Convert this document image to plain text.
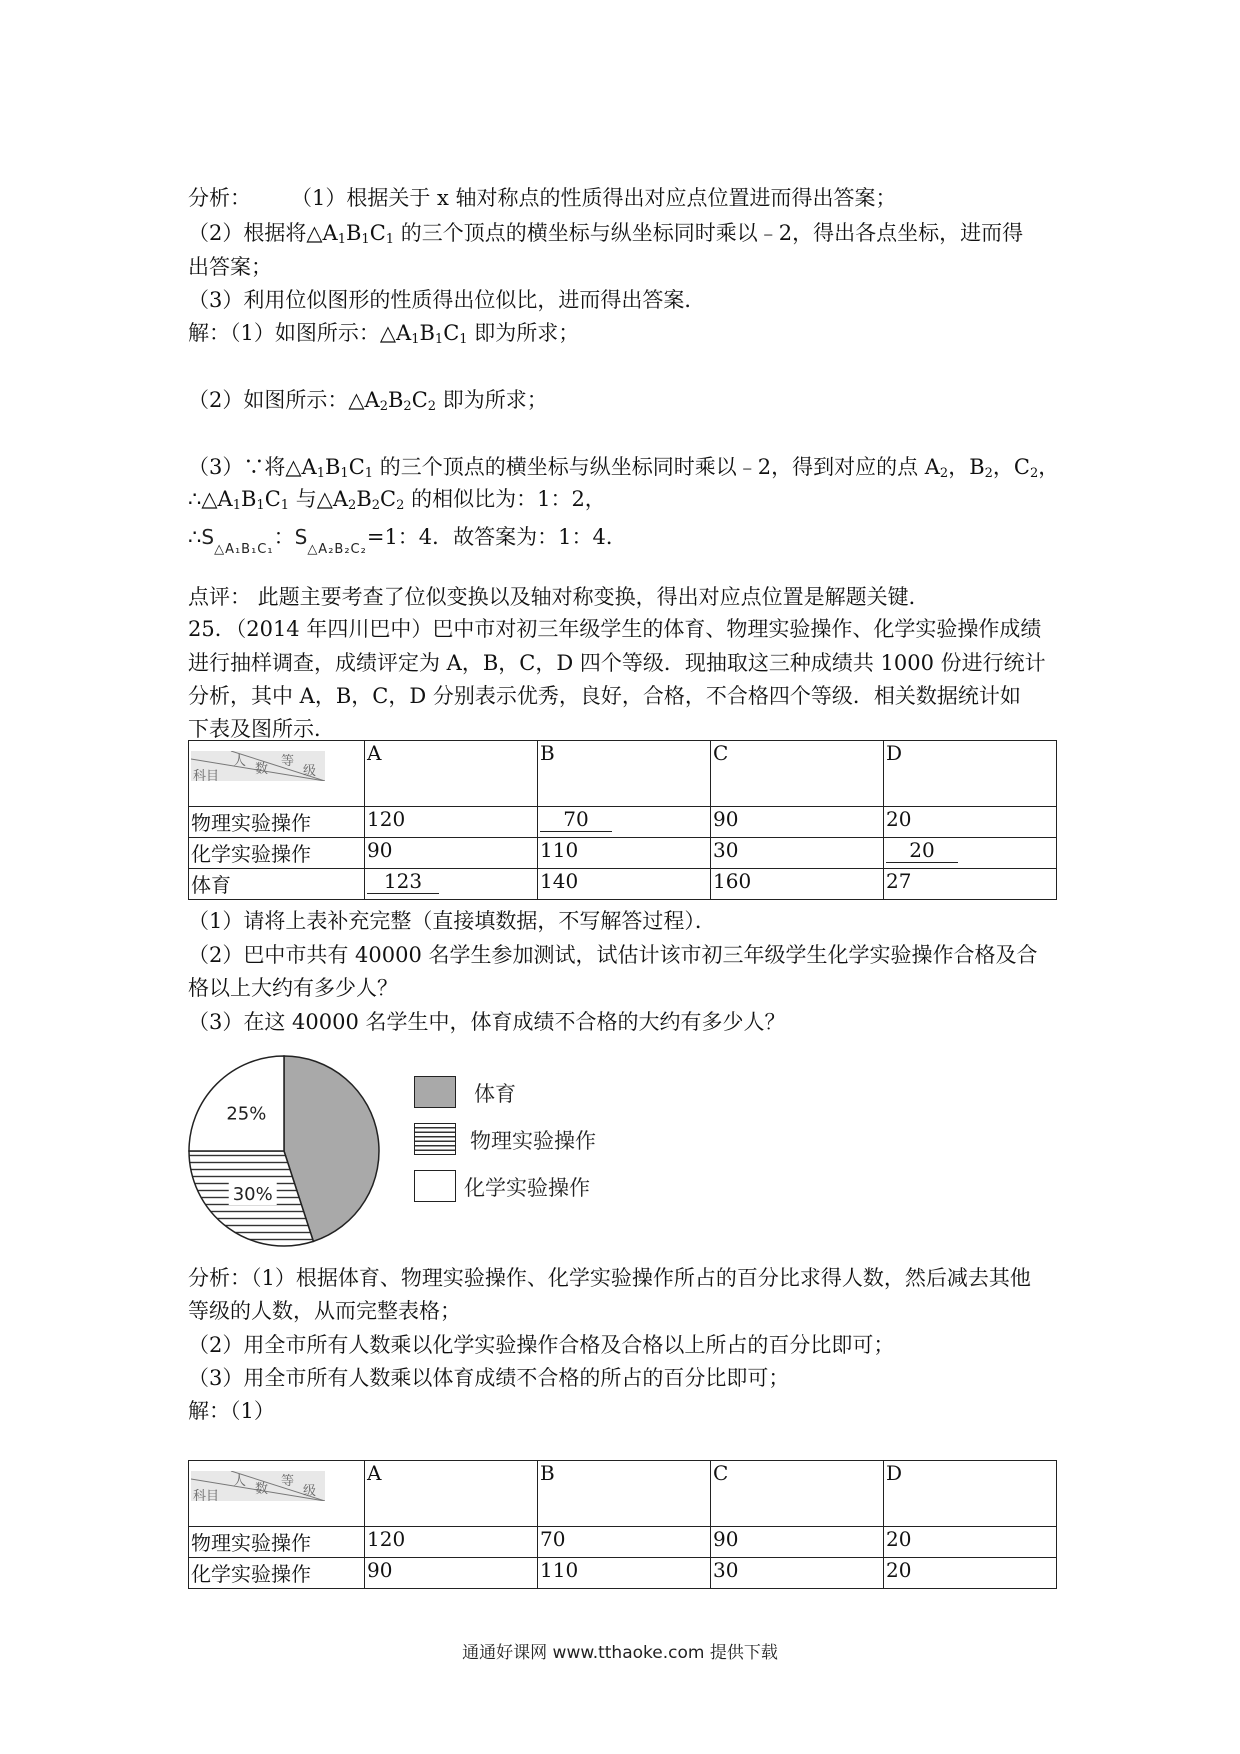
分析： （1）根据关于 x 轴对称点的性质得出对应点位置进而得出答案；
（2）根据将$\triangle A_1B_1C_1$ 的三个顶点的横坐标与纵坐标同时乘以﹣2，得出各点坐标，进而得
出答案；
（3）利用位似图形的性质得出位似比，进而得出答案．
解：（1）如图所示：$\triangle A_1B_1C_1$ 即为所求；
（2）如图所示：$\triangle A_2B_2C_2$ 即为所求；
（3）∵将$\triangle A_1B_1C_1$ 的三个顶点的横坐标与纵坐标同时乘以﹣2，得到对应的点 $A_2$，$B_2$，$C_2$，
$\therefore\triangle A_1B_1C_1$ 与$\triangle A_2B_2C_2$ 的相似比为：1：2，
$\therefore S_{\triangle A_1B_1C_1}$：$S_{\triangle A_2B_2C_2}=1$：4．故答案为：1：4．
点评： 此题主要考查了位似变换以及轴对称变换，得出对应点位置是解题关键．
25．（2014 年四川巴中）巴中市对初三年级学生的体育、物理实验操作、化学实验操作成绩
进行抽样调查，成绩评定为 A，B，C，D 四个等级．现抽取这三种成绩共 1000 份进行统计
分析，其中 A，B，C，D 分别表示优秀，良好，合格，不合格四个等级．相关数据统计如
下表及图所示．
人
数
等
级
科目	A	B	C	D
物理实验操作	120	70	90	20
化学实验操作	90	110	30	20
体育	123	140	160	27
（1）请将上表补充完整（直接填数据，不写解答过程）．
（2）巴中市共有 40000 名学生参加测试，试估计该市初三年级学生化学实验操作合格及合
格以上大约有多少人？
（3）在这 40000 名学生中，体育成绩不合格的大约有多少人？
30%
25%
体育
物理实验操作
化学实验操作
分析：（1）根据体育、物理实验操作、化学实验操作所占的百分比求得人数，然后减去其他
等级的人数，从而完整表格；
（2）用全市所有人数乘以化学实验操作合格及合格以上所占的百分比即可；
（3）用全市所有人数乘以体育成绩不合格的所占的百分比即可；
解：（1）
人
数
等
级
科目	A	B	C	D
物理实验操作	120	70	90	20
化学实验操作	90	110	30	20
通通好课网 www.tthaoke.com 提供下载
